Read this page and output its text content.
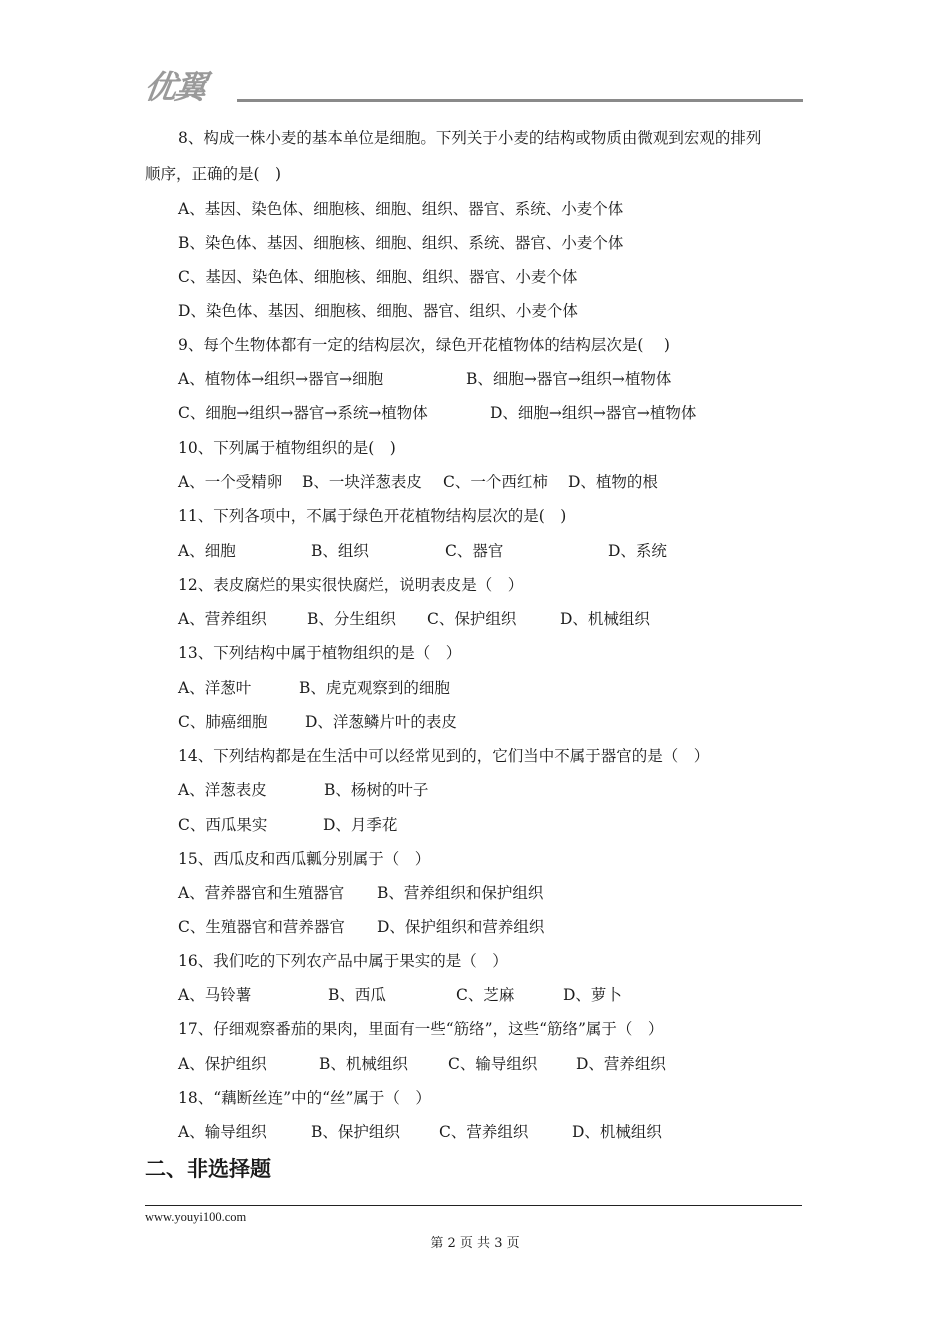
优翼
8、构成一株小麦的基本单位是细胞。下列关于小麦的结构或物质由微观到宏观的排列
顺序，正确的是(　)
A、基因、染色体、细胞核、细胞、组织、器官、系统、小麦个体
B、染色体、基因、细胞核、细胞、组织、系统、器官、小麦个体
C、基因、染色体、细胞核、细胞、组织、器官、小麦个体
D、染色体、基因、细胞核、细胞、器官、组织、小麦个体
9、每个生物体都有一定的结构层次，绿色开花植物体的结构层次是(　 )

A、植物体→组织→器官→细胞

	B、细胞→器官→组织→植物体

C、细胞→组织→器官→系统→植物体

	D、细胞→组织→器官→植物体

10、下列属于植物组织的是(　)

A、一个受精卵

B、一块洋葱表皮

C、一个西红柿

D、植物的根

11、下列各项中，不属于绿色开花植物结构层次的是(　)

A、细胞

	B、组织

	C、器官

	D、系统

12、表皮腐烂的果实很快腐烂，说明表皮是（　）

A、营养组织

	B、分生组织

C、保护组织

	D、机械组织

13、下列结构中属于植物组织的是（　）

A、洋葱叶

	B、虎克观察到的细胞

C、肺癌细胞

D、洋葱鳞片叶的表皮

14、下列结构都是在生活中可以经常见到的，它们当中不属于器官的是（　）

A、洋葱表皮

	B、杨树的叶子

C、西瓜果实

	D、月季花

15、西瓜皮和西瓜瓤分别属于（　）

A、营养器官和生殖器官

B、营养组织和保护组织

C、生殖器官和营养器官

D、保护组织和营养组织

16、我们吃的下列农产品中属于果实的是（　）

A、马铃薯

	B、西瓜

	C、芝麻

	D、萝卜

17、仔细观察番茄的果肉，里面有一些“筋络”，这些“筋络”属于（　）

A、保护组织

	B、机械组织

	C、输导组织

D、营养组织

18、“藕断丝连”中的“丝”属于（　）

A、输导组织

	B、保护组织

	C、营养组织

	D、机械组织

二、非选择题
www.youyi100.com
第 2 页 共 3 页
